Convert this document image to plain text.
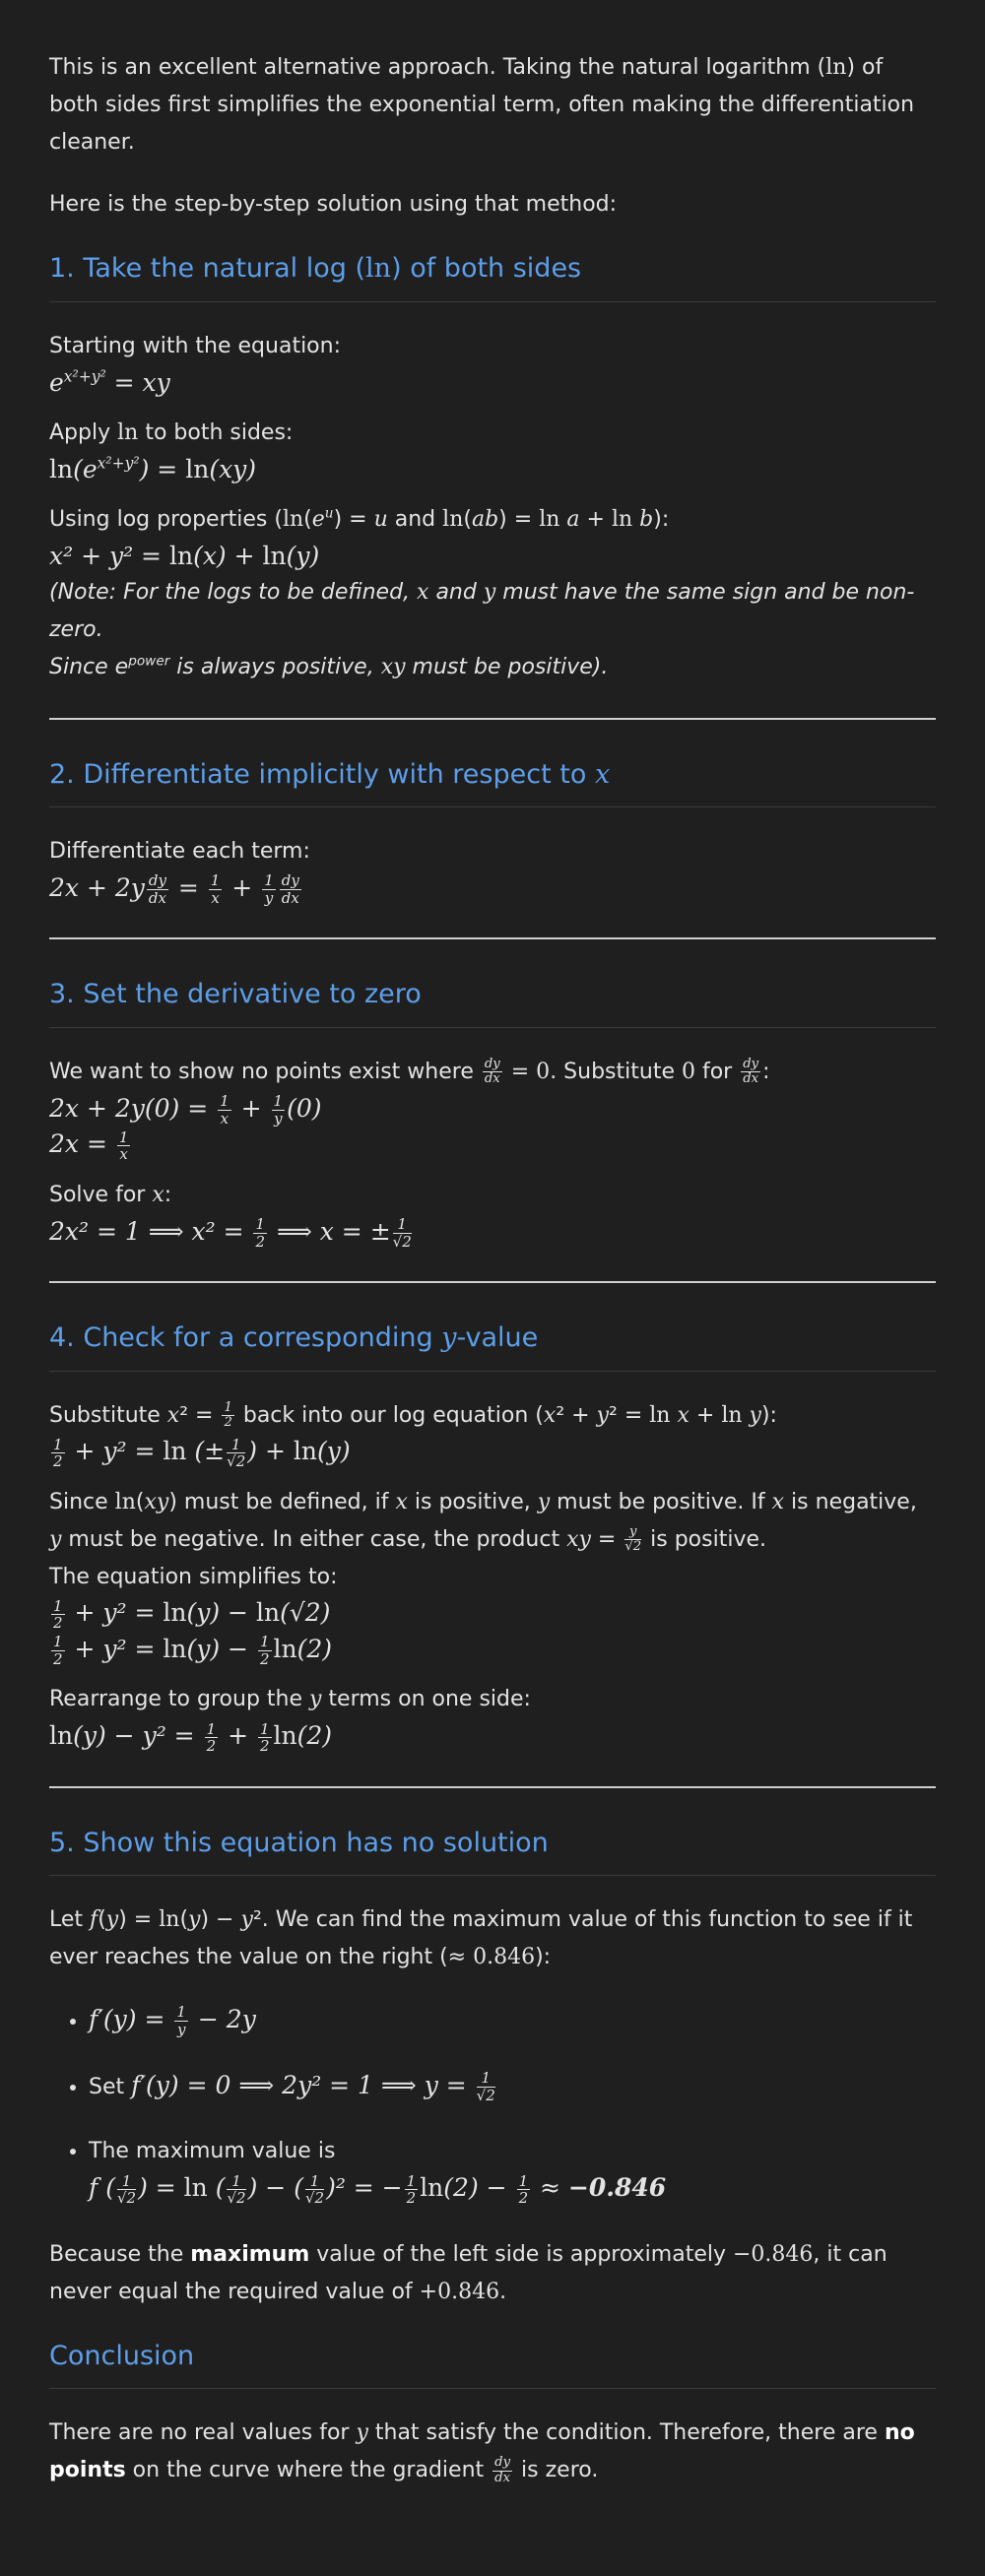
This is an excellent alternative approach. Taking the natural logarithm (ln) of both sides first simplifies the exponential term, often making the differentiation cleaner.

Here is the step-by-step solution using that method:

1. Take the natural log (ln) of both sides

Starting with the equation:

$e^{x^2+y^2}$ = xy

Apply ln to both sides:

$\ln(e^{x^2+y^2}) = \ln(xy)$

Using log properties ($\ln(e^u) = u$ and ln(ab) = ln a + ln b):

x² + y² = ln(x) + ln(y)

(Note: For the logs to be defined, x and y must have the same sign and be non-zero.
Since $e^{power}$ is always positive, xy must be positive).

2. Differentiate implicitly with respect to x

Differentiate each term:

$2x + 2y \frac{dy}{dx} = \frac{1}{x} + \frac{1}{y} \frac{dy}{dx}$
3. Set the derivative to zero

We want to show no points exist where $\frac{dy}{dx} = 0$. Substitute 0 for $\frac{dy}{dx}$ :

$2x + 2y(0) = \frac{1}{x} + \frac{1}{y} (0)$
$2x = \frac{1}{x}$

Solve for x:

2x² = 1 ⟹ $x^2 = \frac{1}{2}$ ⟹ x = ± $\frac{1}{√2}$
4. Check for a corresponding y-value

Substitute $x^2 = \frac{1}{2}$ back into our log equation (x² + y² = ln x + ln y):

$\frac{1}{2} + y^2 = \ln$ (± $\frac{1}{√2}$ ) + ln(y)

Since ln(xy) must be defined, if x is positive, y must be positive. If x is negative, y must be negative. In either case, the product xy = $\frac{y}{√2}$ is positive.

The equation simplifies to:

$\frac{1}{2} + y^2 = \ln(y) - \ln(√2)$
$\frac{1}{2} + y^2 = \ln(y) - \frac{1}{2} \ln(2)$

Rearrange to group the y terms on one side:

$\ln(y) - y^2 = \frac{1}{2} + \frac{1}{2} \ln(2)$
5. Show this equation has no solution

Let f(y) = ln(y) − y². We can find the maximum value of this function to see if it ever reaches the value on the right (≈ 0.846):

• $f'(y) = \frac{1}{y} - 2y$
• Set f′(y) = 0 ⟹ 2y² = 1 ⟹ $y = \frac{1}{√2}$
• The maximum value is
f ( $\frac{1}{√2}$ ) = ln ( $\frac{1}{√2}$ ) − ( $\frac{1}{√2} )^2$ = − $\frac{1}{2} \ln(2) - \frac{1}{2} \approx -0.846$

Because the maximum value of the left side is approximately −0.846, it can never equal the required value of +0.846.

Conclusion

There are no real values for y that satisfy the condition. Therefore, there are no points on the curve where the gradient $\frac{dy}{dx}$ is zero.
